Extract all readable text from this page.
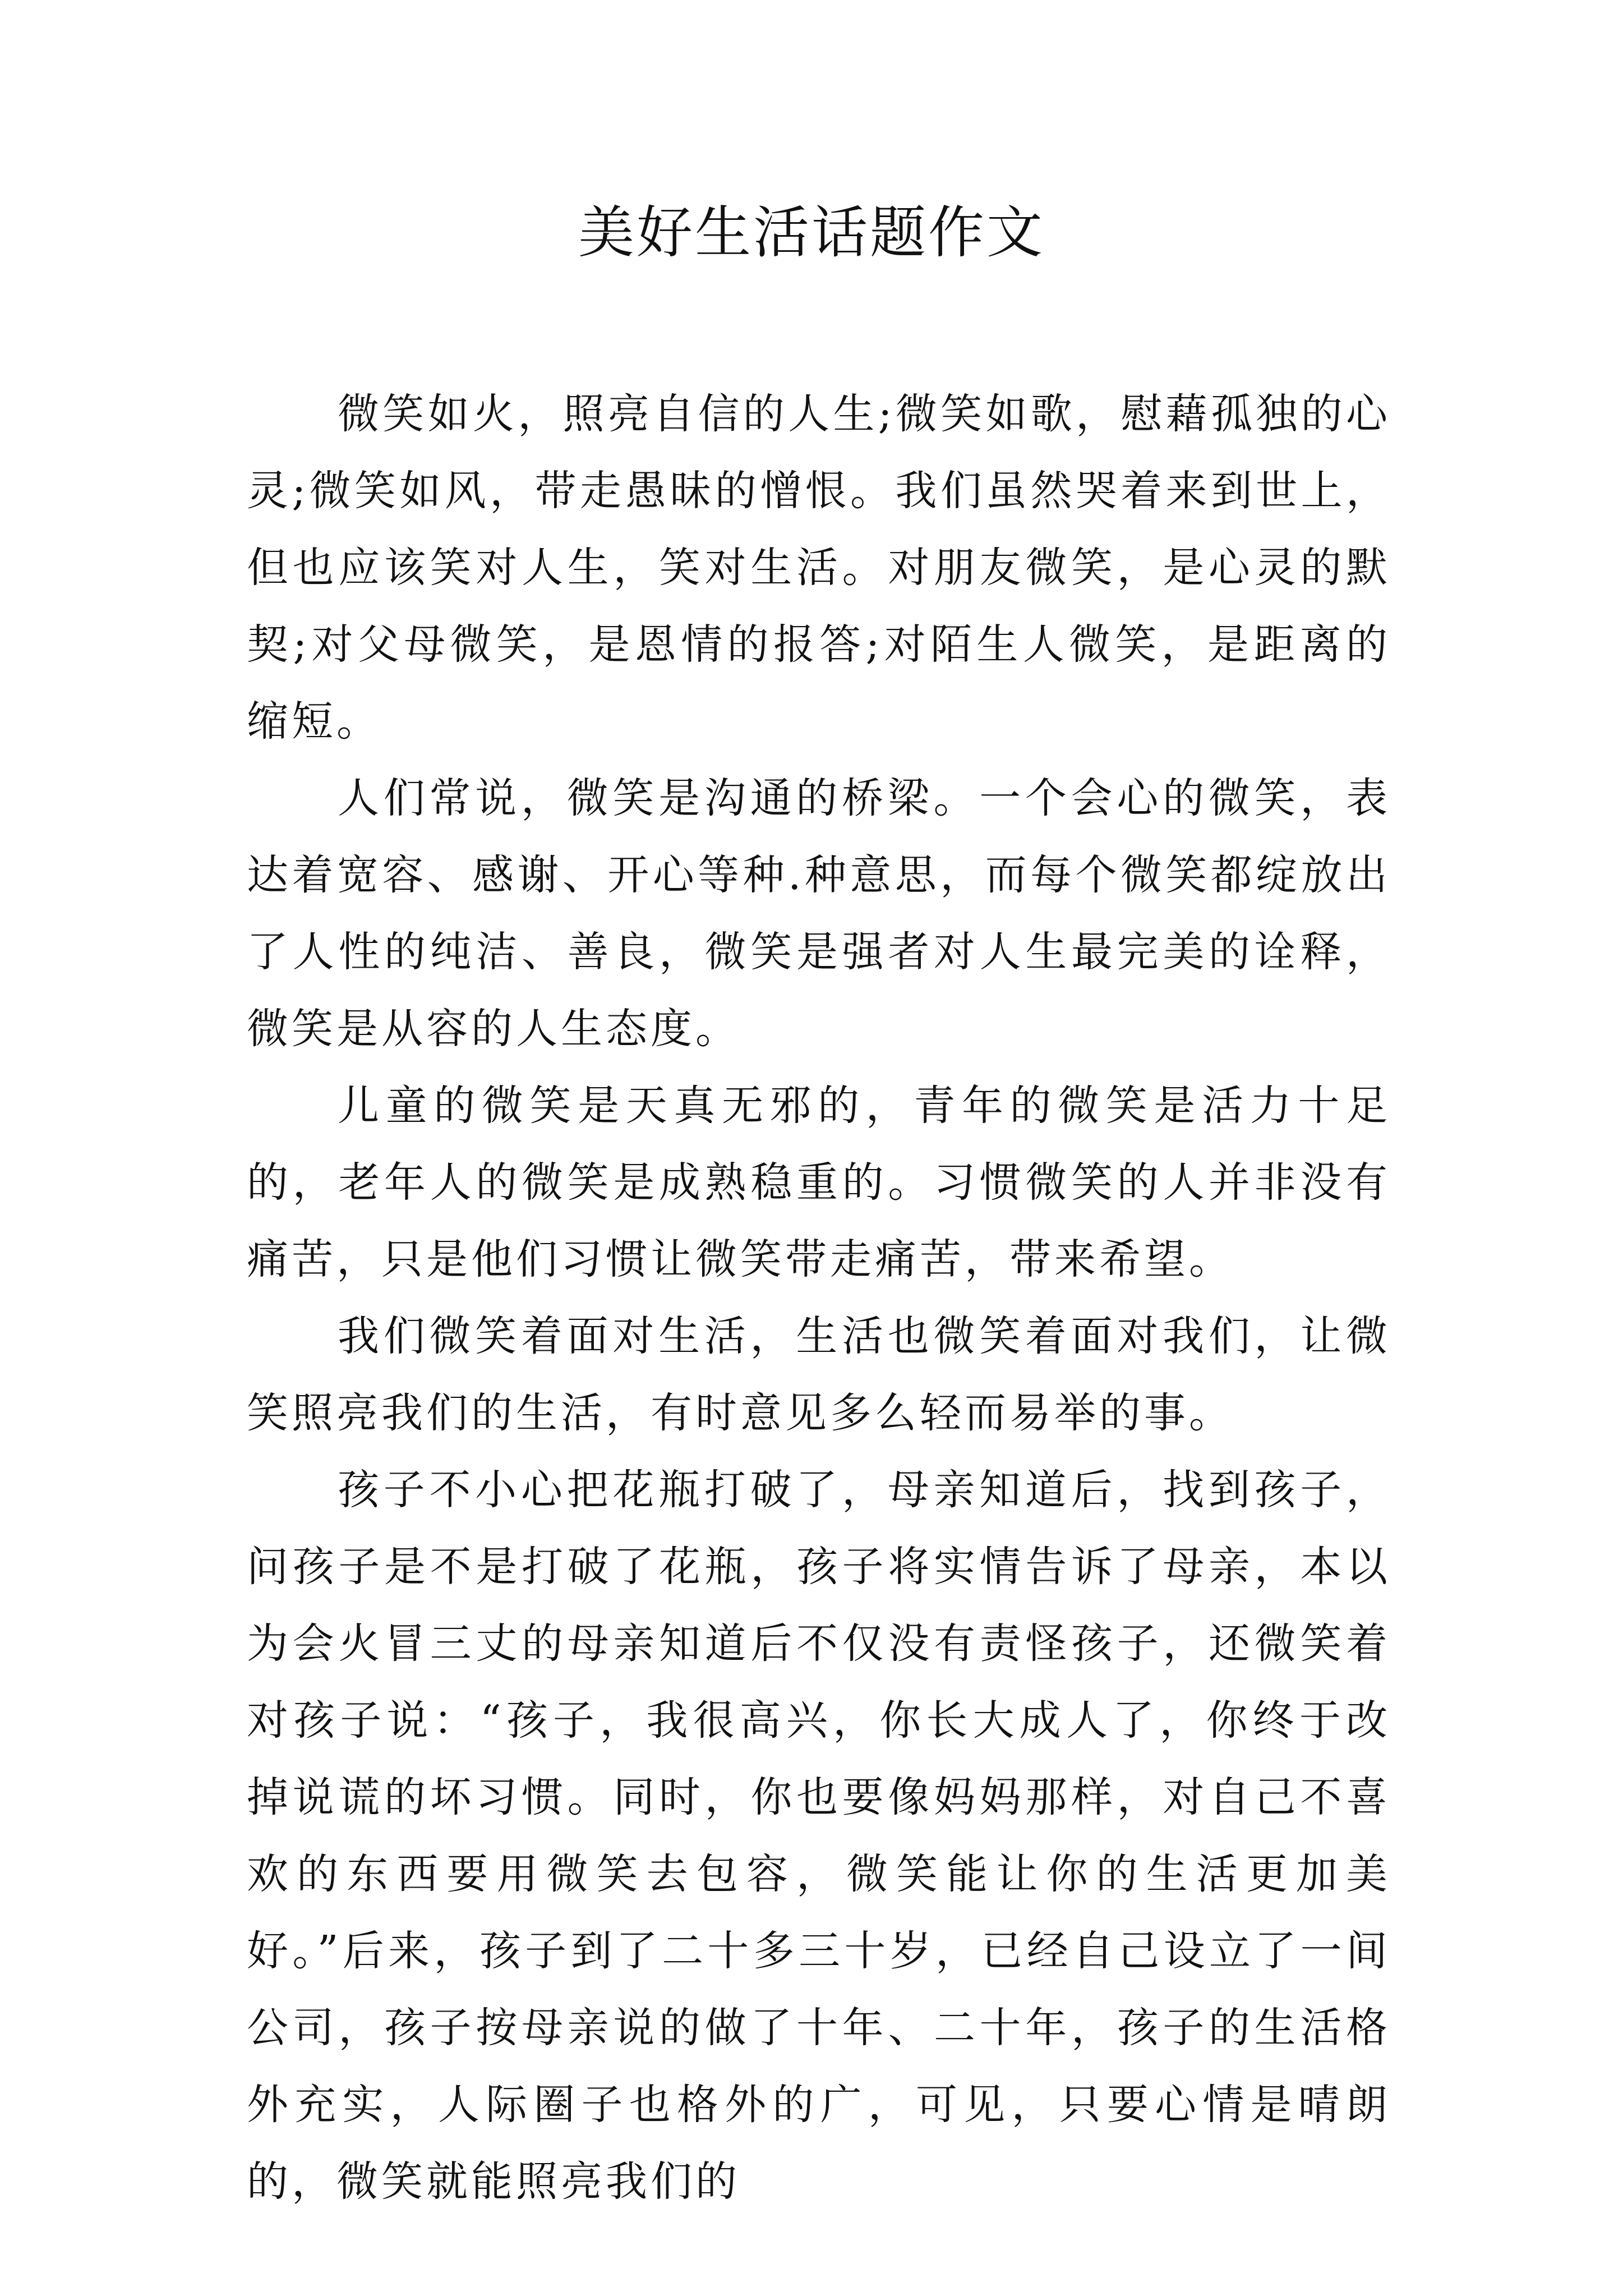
美好生活话题作文

微笑如火，照亮自信的人生;微笑如歌，慰藉孤独的心灵;微笑如风，带走愚昧的憎恨。我们虽然哭着来到世上，但也应该笑对人生，笑对生活。对朋友微笑，是心灵的默契;对父母微笑，是恩情的报答;对陌生人微笑，是距离的缩短。

人们常说，微笑是沟通的桥梁。一个会心的微笑，表达着宽容、感谢、开心等种.种意思，而每个微笑都绽放出了人性的纯洁、善良，微笑是强者对人生最完美的诠释，微笑是从容的人生态度。

儿童的微笑是天真无邪的，青年的微笑是活力十足的，老年人的微笑是成熟稳重的。习惯微笑的人并非没有痛苦，只是他们习惯让微笑带走痛苦，带来希望。

我们微笑着面对生活，生活也微笑着面对我们，让微笑照亮我们的生活，有时意见多么轻而易举的事。

孩子不小心把花瓶打破了，母亲知道后，找到孩子，问孩子是不是打破了花瓶，孩子将实情告诉了母亲，本以为会火冒三丈的母亲知道后不仅没有责怪孩子，还微笑着对孩子说：“孩子，我很高兴，你长大成人了，你终于改掉说谎的坏习惯。同时，你也要像妈妈那样，对自己不喜欢的东西要用微笑去包容，微笑能让你的生活更加美好。”后来，孩子到了二十多三十岁，已经自己设立了一间公司，孩子按母亲说的做了十年、二十年，孩子的生活格外充实，人际圈子也格外的广，可见，只要心情是晴朗的，微笑就能照亮我们的
